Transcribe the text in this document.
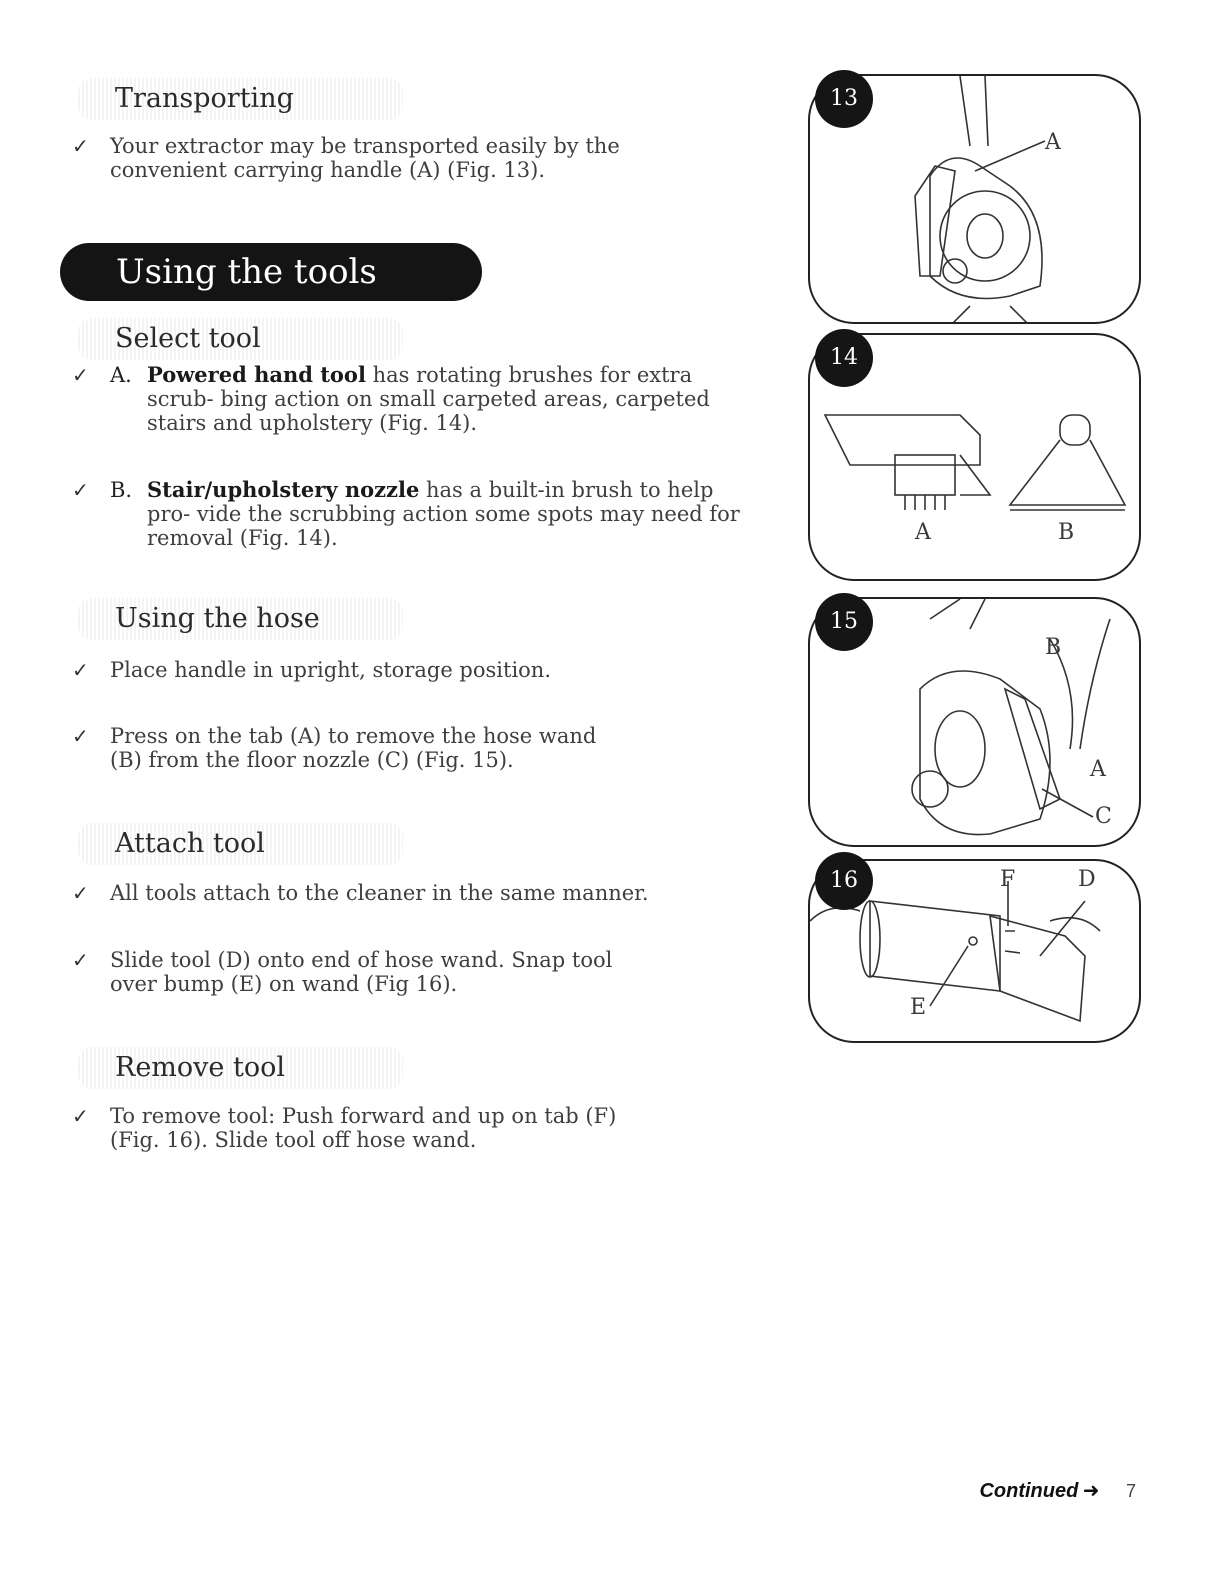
Transporting
✓ Your extractor may be transported easily by the convenient carrying handle (A) (Fig. 13).
Using the tools
Select tool
✓ A. Powered hand tool has rotating brushes for extra scrub- bing action on small carpeted areas, carpeted stairs and upholstery (Fig. 14).
✓ B. Stair/upholstery nozzle has a built-in brush to help pro- vide the scrubbing action some spots may need for removal (Fig. 14).
Using the hose
✓ Place handle in upright, storage position.
✓ Press on the tab (A) to remove the hose wand (B) from the floor nozzle (C) (Fig. 15).
Attach tool
✓ All tools attach to the cleaner in the same manner.
✓ Slide tool (D) onto end of hose wand. Snap tool over bump (E) on wand (Fig 16).
Remove tool
✓ To remove tool: Push forward and up on tab (F) (Fig. 16). Slide tool off hose wand.
A
13
A	B
14
B
A
C
15
F	D
E
16
Continued ➜ 7
